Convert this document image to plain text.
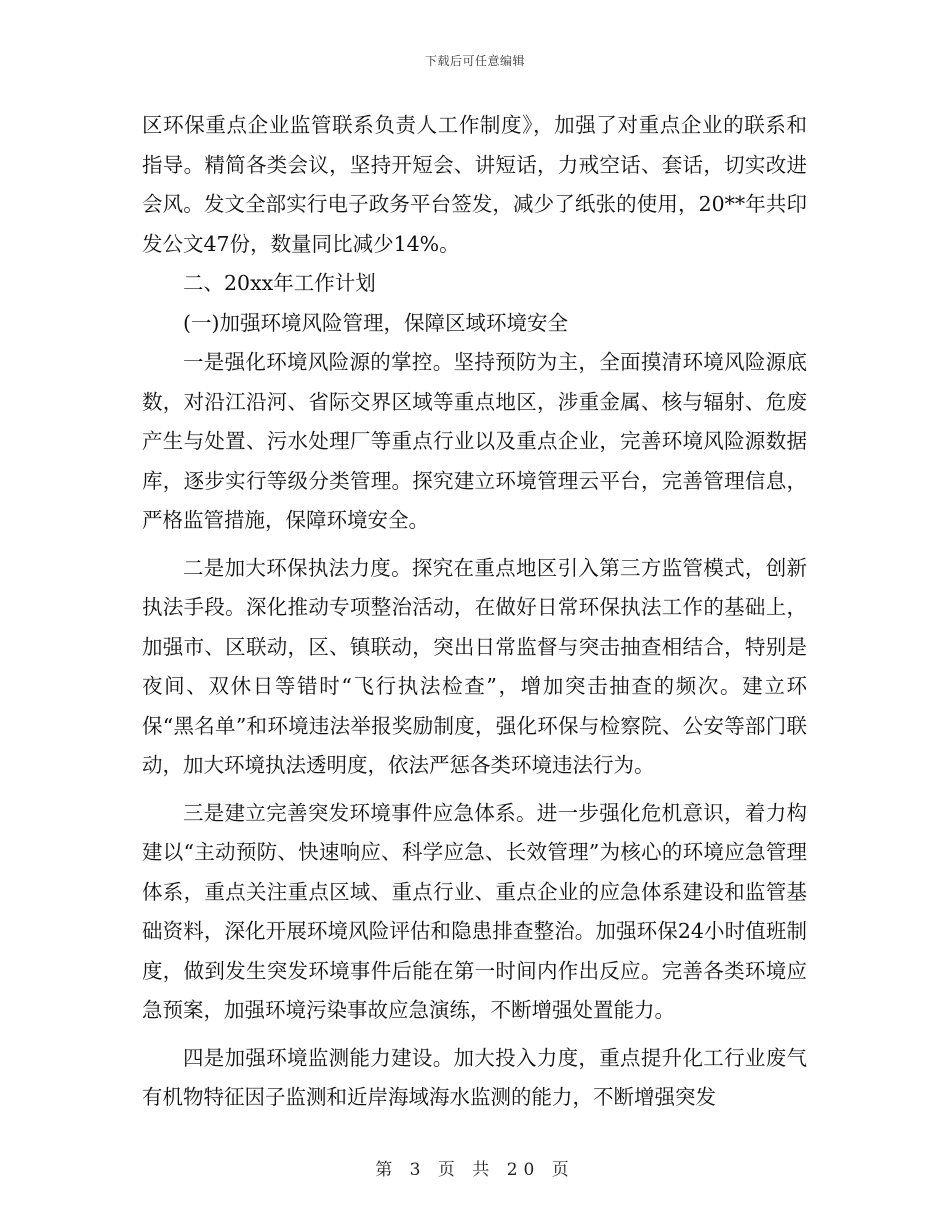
下载后可任意编辑

区环保重点企业监管联系负责人工作制度》，加强了对重点企业的联系和指导。精简各类会议，坚持开短会、讲短话，力戒空话、套话，切实改进会风。发文全部实行电子政务平台签发，减少了纸张的使用，20**年共印发公文47份，数量同比减少14%。

二、20xx年工作计划

(一)加强环境风险管理，保障区域环境安全

一是强化环境风险源的掌控。坚持预防为主，全面摸清环境风险源底数，对沿江沿河、省际交界区域等重点地区，涉重金属、核与辐射、危废产生与处置、污水处理厂等重点行业以及重点企业，完善环境风险源数据库，逐步实行等级分类管理。探究建立环境管理云平台，完善管理信息，严格监管措施，保障环境安全。

二是加大环保执法力度。探究在重点地区引入第三方监管模式，创新执法手段。深化推动专项整治活动，在做好日常环保执法工作的基础上，加强市、区联动，区、镇联动，突出日常监督与突击抽查相结合，特别是夜间、双休日等错时“飞行执法检查”，增加突击抽查的频次。建立环保“黑名单”和环境违法举报奖励制度，强化环保与检察院、公安等部门联动，加大环境执法透明度，依法严惩各类环境违法行为。

三是建立完善突发环境事件应急体系。进一步强化危机意识，着力构建以“主动预防、快速响应、科学应急、长效管理”为核心的环境应急管理体系，重点关注重点区域、重点行业、重点企业的应急体系建设和监管基础资料，深化开展环境风险评估和隐患排查整治。加强环保24小时值班制度，做到发生突发环境事件后能在第一时间内作出反应。完善各类环境应急预案，加强环境污染事故应急演练，不断增强处置能力。

四是加强环境监测能力建设。加大投入力度，重点提升化工行业废气有机物特征因子监测和近岸海域海水监测的能力，不断增强突发

第 3 页 共 20 页
